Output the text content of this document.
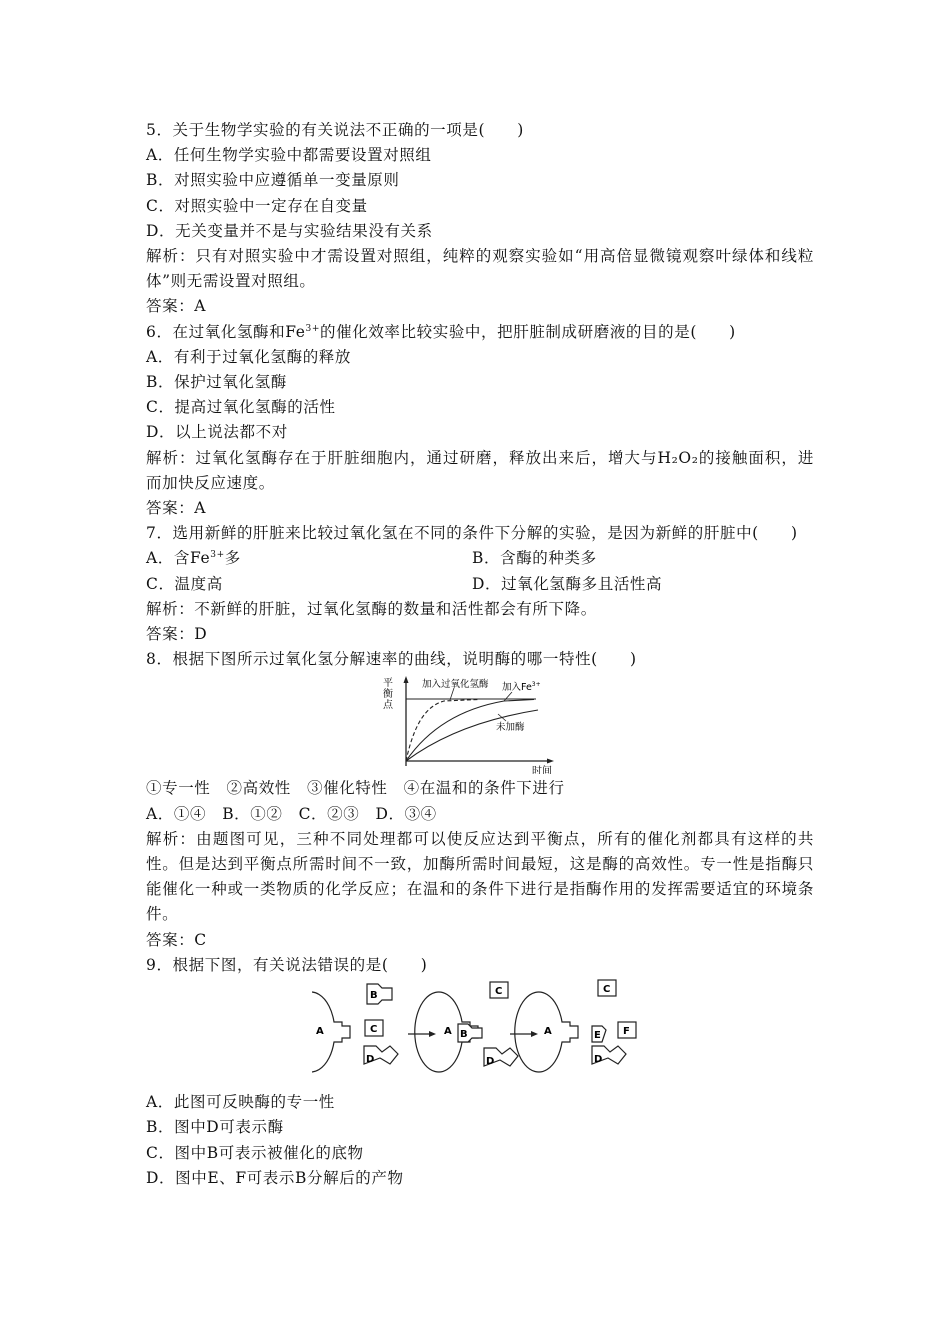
5．关于生物学实验的有关说法不正确的一项是(　　)
A．任何生物学实验中都需要设置对照组
B．对照实验中应遵循单一变量原则
C．对照实验中一定存在自变量
D．无关变量并不是与实验结果没有关系
解析：只有对照实验中才需设置对照组，纯粹的观察实验如“用高倍显微镜观察叶绿体和线粒体”则无需设置对照组。
答案：A
6．在过氧化氢酶和$Fe^{3+}$的催化效率比较实验中，把肝脏制成研磨液的目的是(　　)
A．有利于过氧化氢酶的释放
B．保护过氧化氢酶
C．提高过氧化氢酶的活性
D．以上说法都不对
解析：过氧化氢酶存在于肝脏细胞内，通过研磨，释放出来后，增大与H₂O₂的接触面积，进而加快反应速度。
答案：A
7．选用新鲜的肝脏来比较过氧化氢在不同的条件下分解的实验，是因为新鲜的肝脏中(　　)
A．含$Fe^{3+}$多	B．含酶的种类多
C．温度高	D．过氧化氢酶多且活性高
解析：不新鲜的肝脏，过氧化氢酶的数量和活性都会有所下降。
答案：D
8．根据下图所示过氧化氢分解速率的曲线，说明酶的哪一特性(　　)
平
衡
点
加入过氧化氢酶 加入$Fe^{3+}$
未加酶
时间
①专一性　②高效性　③催化特性　④在温和的条件下进行
A．①④　B．①②　C．②③　D．③④
解析：由题图可见，三种不同处理都可以使反应达到平衡点，所有的催化剂都具有这样的共性。但是达到平衡点所需时间不一致，加酶所需时间最短，这是酶的高效性。专一性是指酶只能催化一种或一类物质的化学反应；在温和的条件下进行是指酶作用的发挥需要适宜的环境条件。
答案：C
9．根据下图，有关说法错误的是(　　)
A
B
C
D
A B
C
D
A
C
E F
D
A．此图可反映酶的专一性
B．图中D可表示酶
C．图中B可表示被催化的底物
D．图中E、F可表示B分解后的产物
